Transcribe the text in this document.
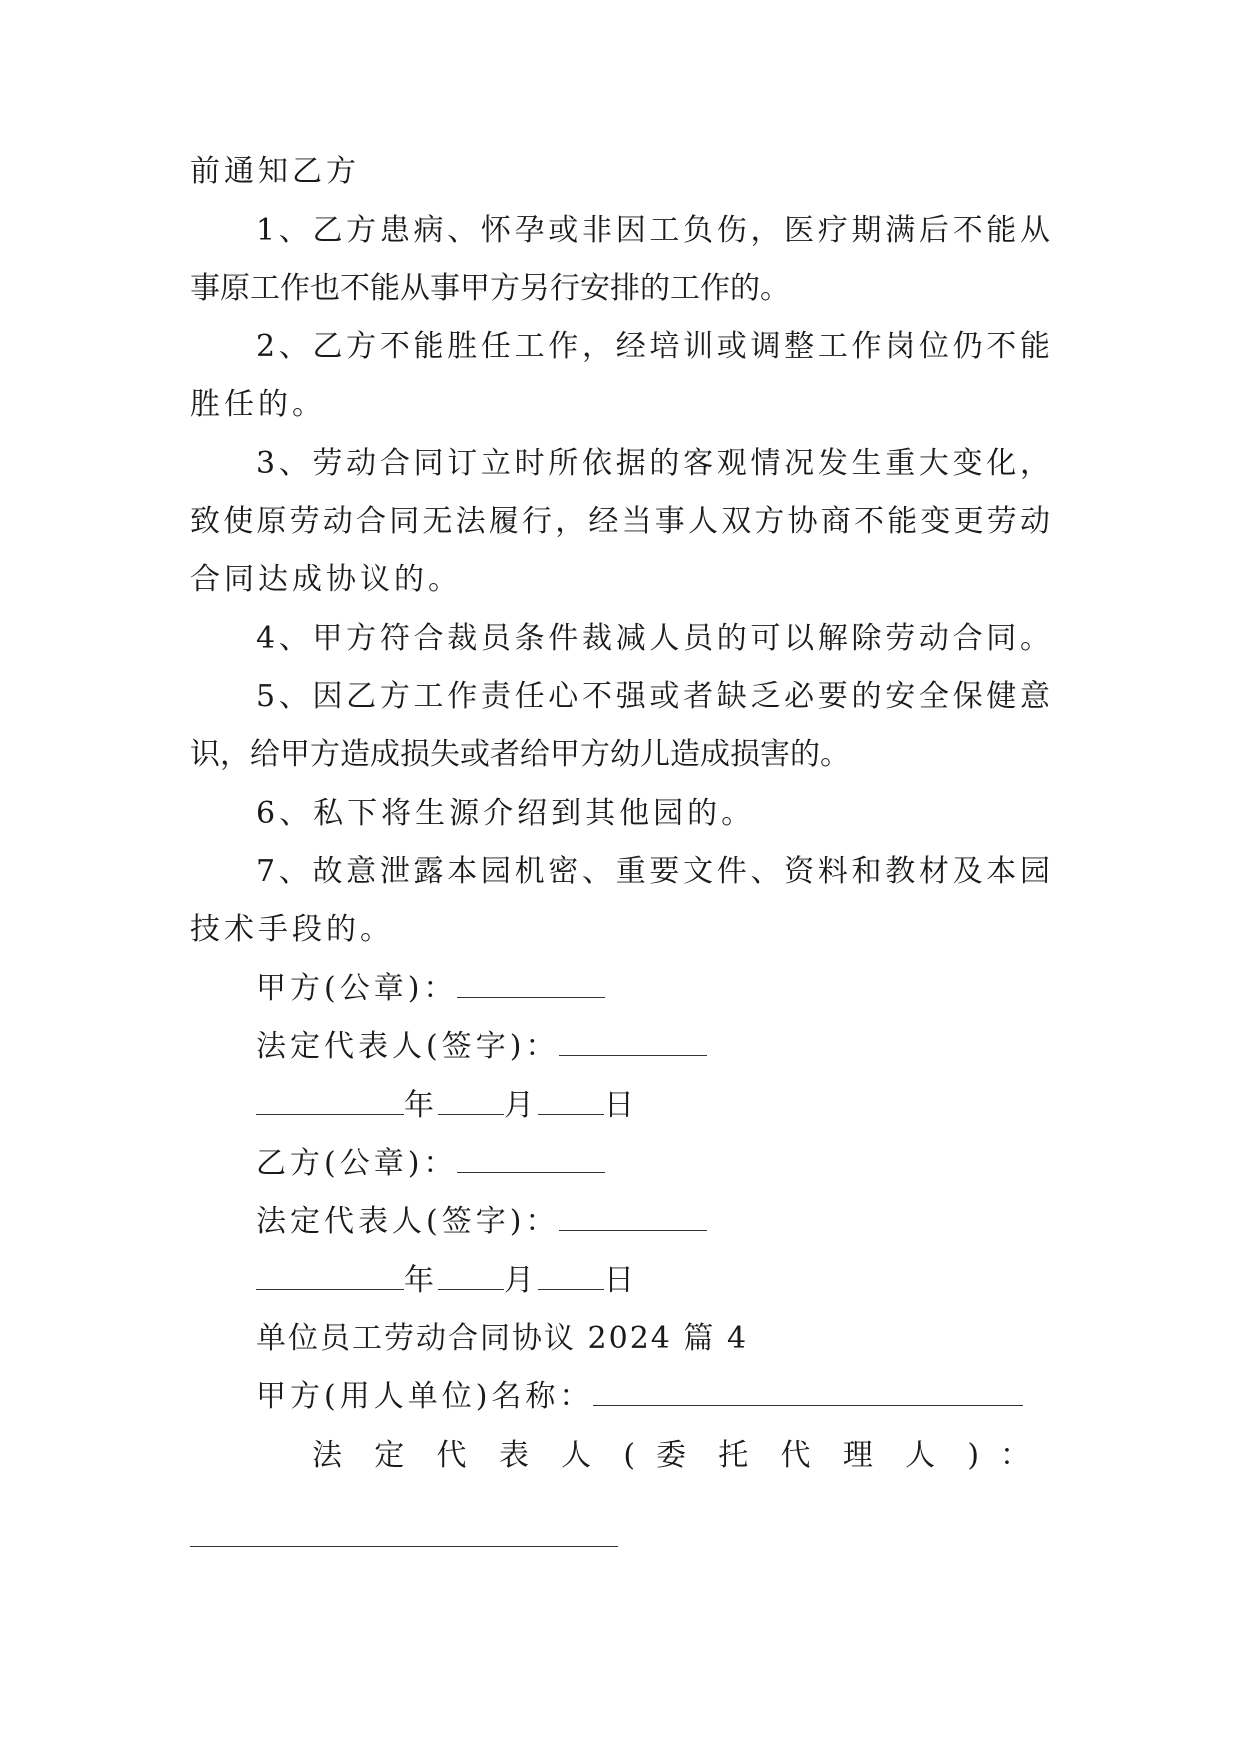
前通知乙方
1、乙方患病、怀孕或非因工负伤，医疗期满后不能从
事原工作也不能从事甲方另行安排的工作的。
2、乙方不能胜任工作，经培训或调整工作岗位仍不能
胜任的。
3、劳动合同订立时所依据的客观情况发生重大变化，
致使原劳动合同无法履行，经当事人双方协商不能变更劳动
合同达成协议的。
4、甲方符合裁员条件裁减人员的可以解除劳动合同。
5、因乙方工作责任心不强或者缺乏必要的安全保健意
识，给甲方造成损失或者给甲方幼儿造成损害的。
6、私下将生源介绍到其他园的。
7、故意泄露本园机密、重要文件、资料和教材及本园
技术手段的。
甲方(公章)：
法定代表人(签字)：
年 月 日
乙方(公章)：
法定代表人(签字)：
年 月 日
单位员工劳动合同协议 2024 篇 4
甲方(用人单位)名称：
法 定 代 表 人 ( 委 托 代 理 人 ) ：
